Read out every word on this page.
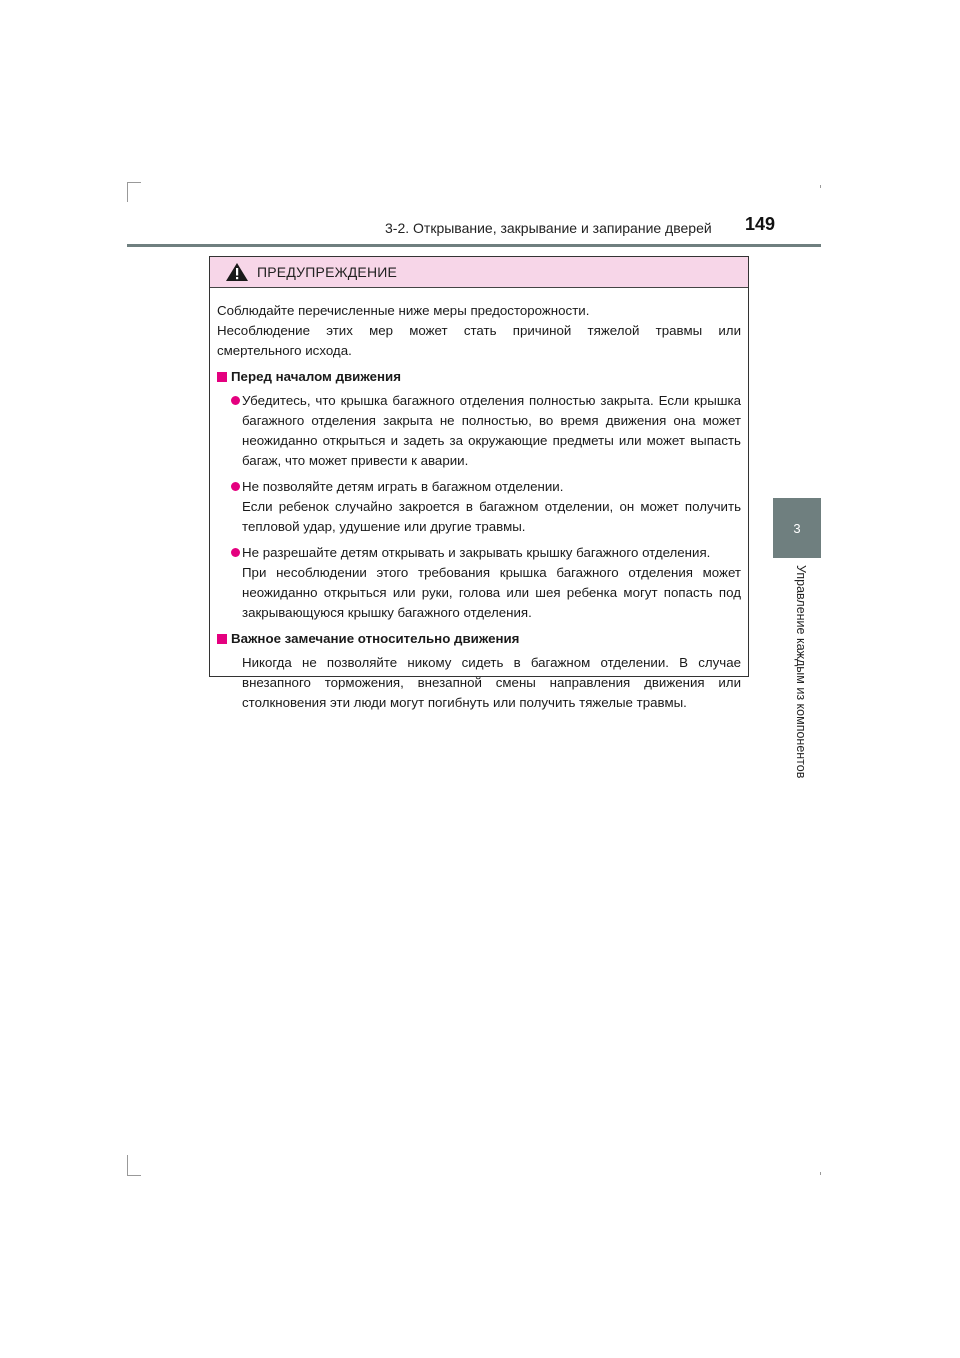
3-2. Открывание, закрывание и запирание дверей 149
3
Управление каждым из компонентов
ПРЕДУПРЕЖДЕНИЕ
Соблюдайте перечисленные ниже меры предосторожности.
Несоблюдение этих мер может стать причиной тяжелой травмы или
смертельного исхода.
Перед началом движения
Убедитесь, что крышка багажного отделения полностью закрыта. Если крышка багажного отделения закрыта не полностью, во время движения она может неожиданно открыться и задеть за окружающие предметы или может выпасть багаж, что может привести к аварии.
Не позволяйте детям играть в багажном отделении.
Если ребенок случайно закроется в багажном отделении, он может получить тепловой удар, удушение или другие травмы.
Не разрешайте детям открывать и закрывать крышку багажного отделения.
При несоблюдении этого требования крышка багажного отделения может неожиданно открыться или руки, голова или шея ребенка могут попасть под закрывающуюся крышку багажного отделения.
Важное замечание относительно движения
Никогда не позволяйте никому сидеть в багажном отделении. В случае внезапного торможения, внезапной смены направления движения или столкновения эти люди могут погибнуть или получить тяжелые травмы.
